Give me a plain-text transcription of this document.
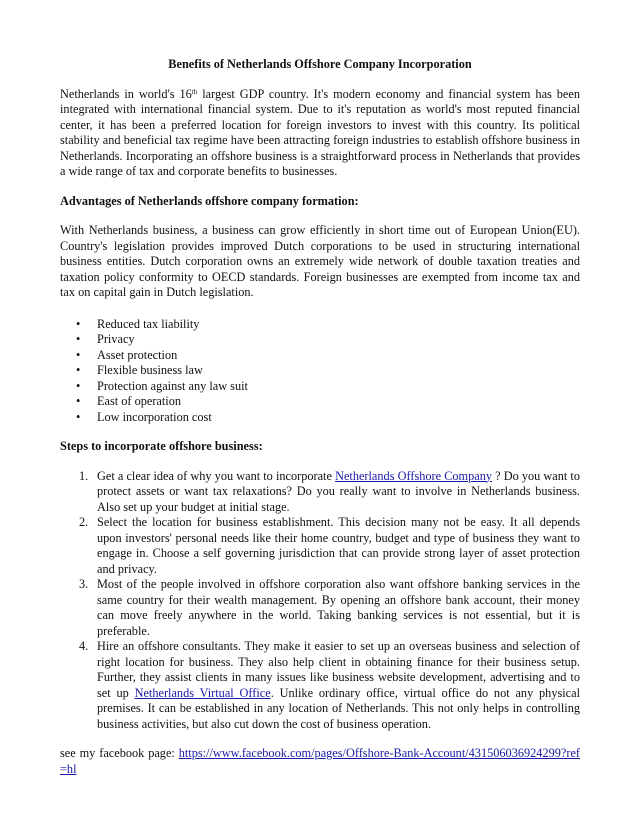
Benefits of Netherlands Offshore Company Incorporation

Netherlands in world's 16th largest GDP country. It's modern economy and financial system has been integrated with international financial system. Due to it's reputation as world's most reputed financial center, it has been a preferred location for foreign investors to invest with this country. Its political stability and beneficial tax regime have been attracting foreign industries to establish offshore business in Netherlands. Incorporating an offshore business is a straightforward process in Netherlands that provides a wide range of tax and corporate benefits to businesses.

Advantages of Netherlands offshore company formation:

With Netherlands business, a business can grow efficiently in short time out of European Union(EU). Country's legislation provides improved Dutch corporations to be used in structuring international business entities. Dutch corporation owns an extremely wide network of double taxation treaties and taxation policy conformity to OECD standards. Foreign businesses are exempted from income tax and tax on capital gain in Dutch legislation.

• Reduced tax liability
• Privacy
• Asset protection
• Flexible business law
• Protection against any law suit
• East of operation
• Low incorporation cost
Steps to incorporate offshore business:
1. Get a clear idea of why you want to incorporate Netherlands Offshore Company ? Do you want to protect assets or want tax relaxations? Do you really want to involve in Netherlands business. Also set up your budget at initial stage.
2. Select the location for business establishment. This decision many not be easy. It all depends upon investors' personal needs like their home country, budget and type of business they want to engage in. Choose a self governing jurisdiction that can provide strong layer of asset protection and privacy.
3. Most of the people involved in offshore corporation also want offshore banking services in the same country for their wealth management. By opening an offshore bank account, their money can move freely anywhere in the world. Taking banking services is not essential, but it is preferable.
4. Hire an offshore consultants. They make it easier to set up an overseas business and selection of right location for business. They also help client in obtaining finance for their business setup. Further, they assist clients in many issues like business website development, advertising and to set up Netherlands Virtual Office. Unlike ordinary office, virtual office do not any physical premises. It can be established in any location of Netherlands. This not only helps in controlling business activities, but also cut down the cost of business operation.

see my facebook page: https://www.facebook.com/pages/Offshore-Bank-Account/431506036924299?ref=hl
